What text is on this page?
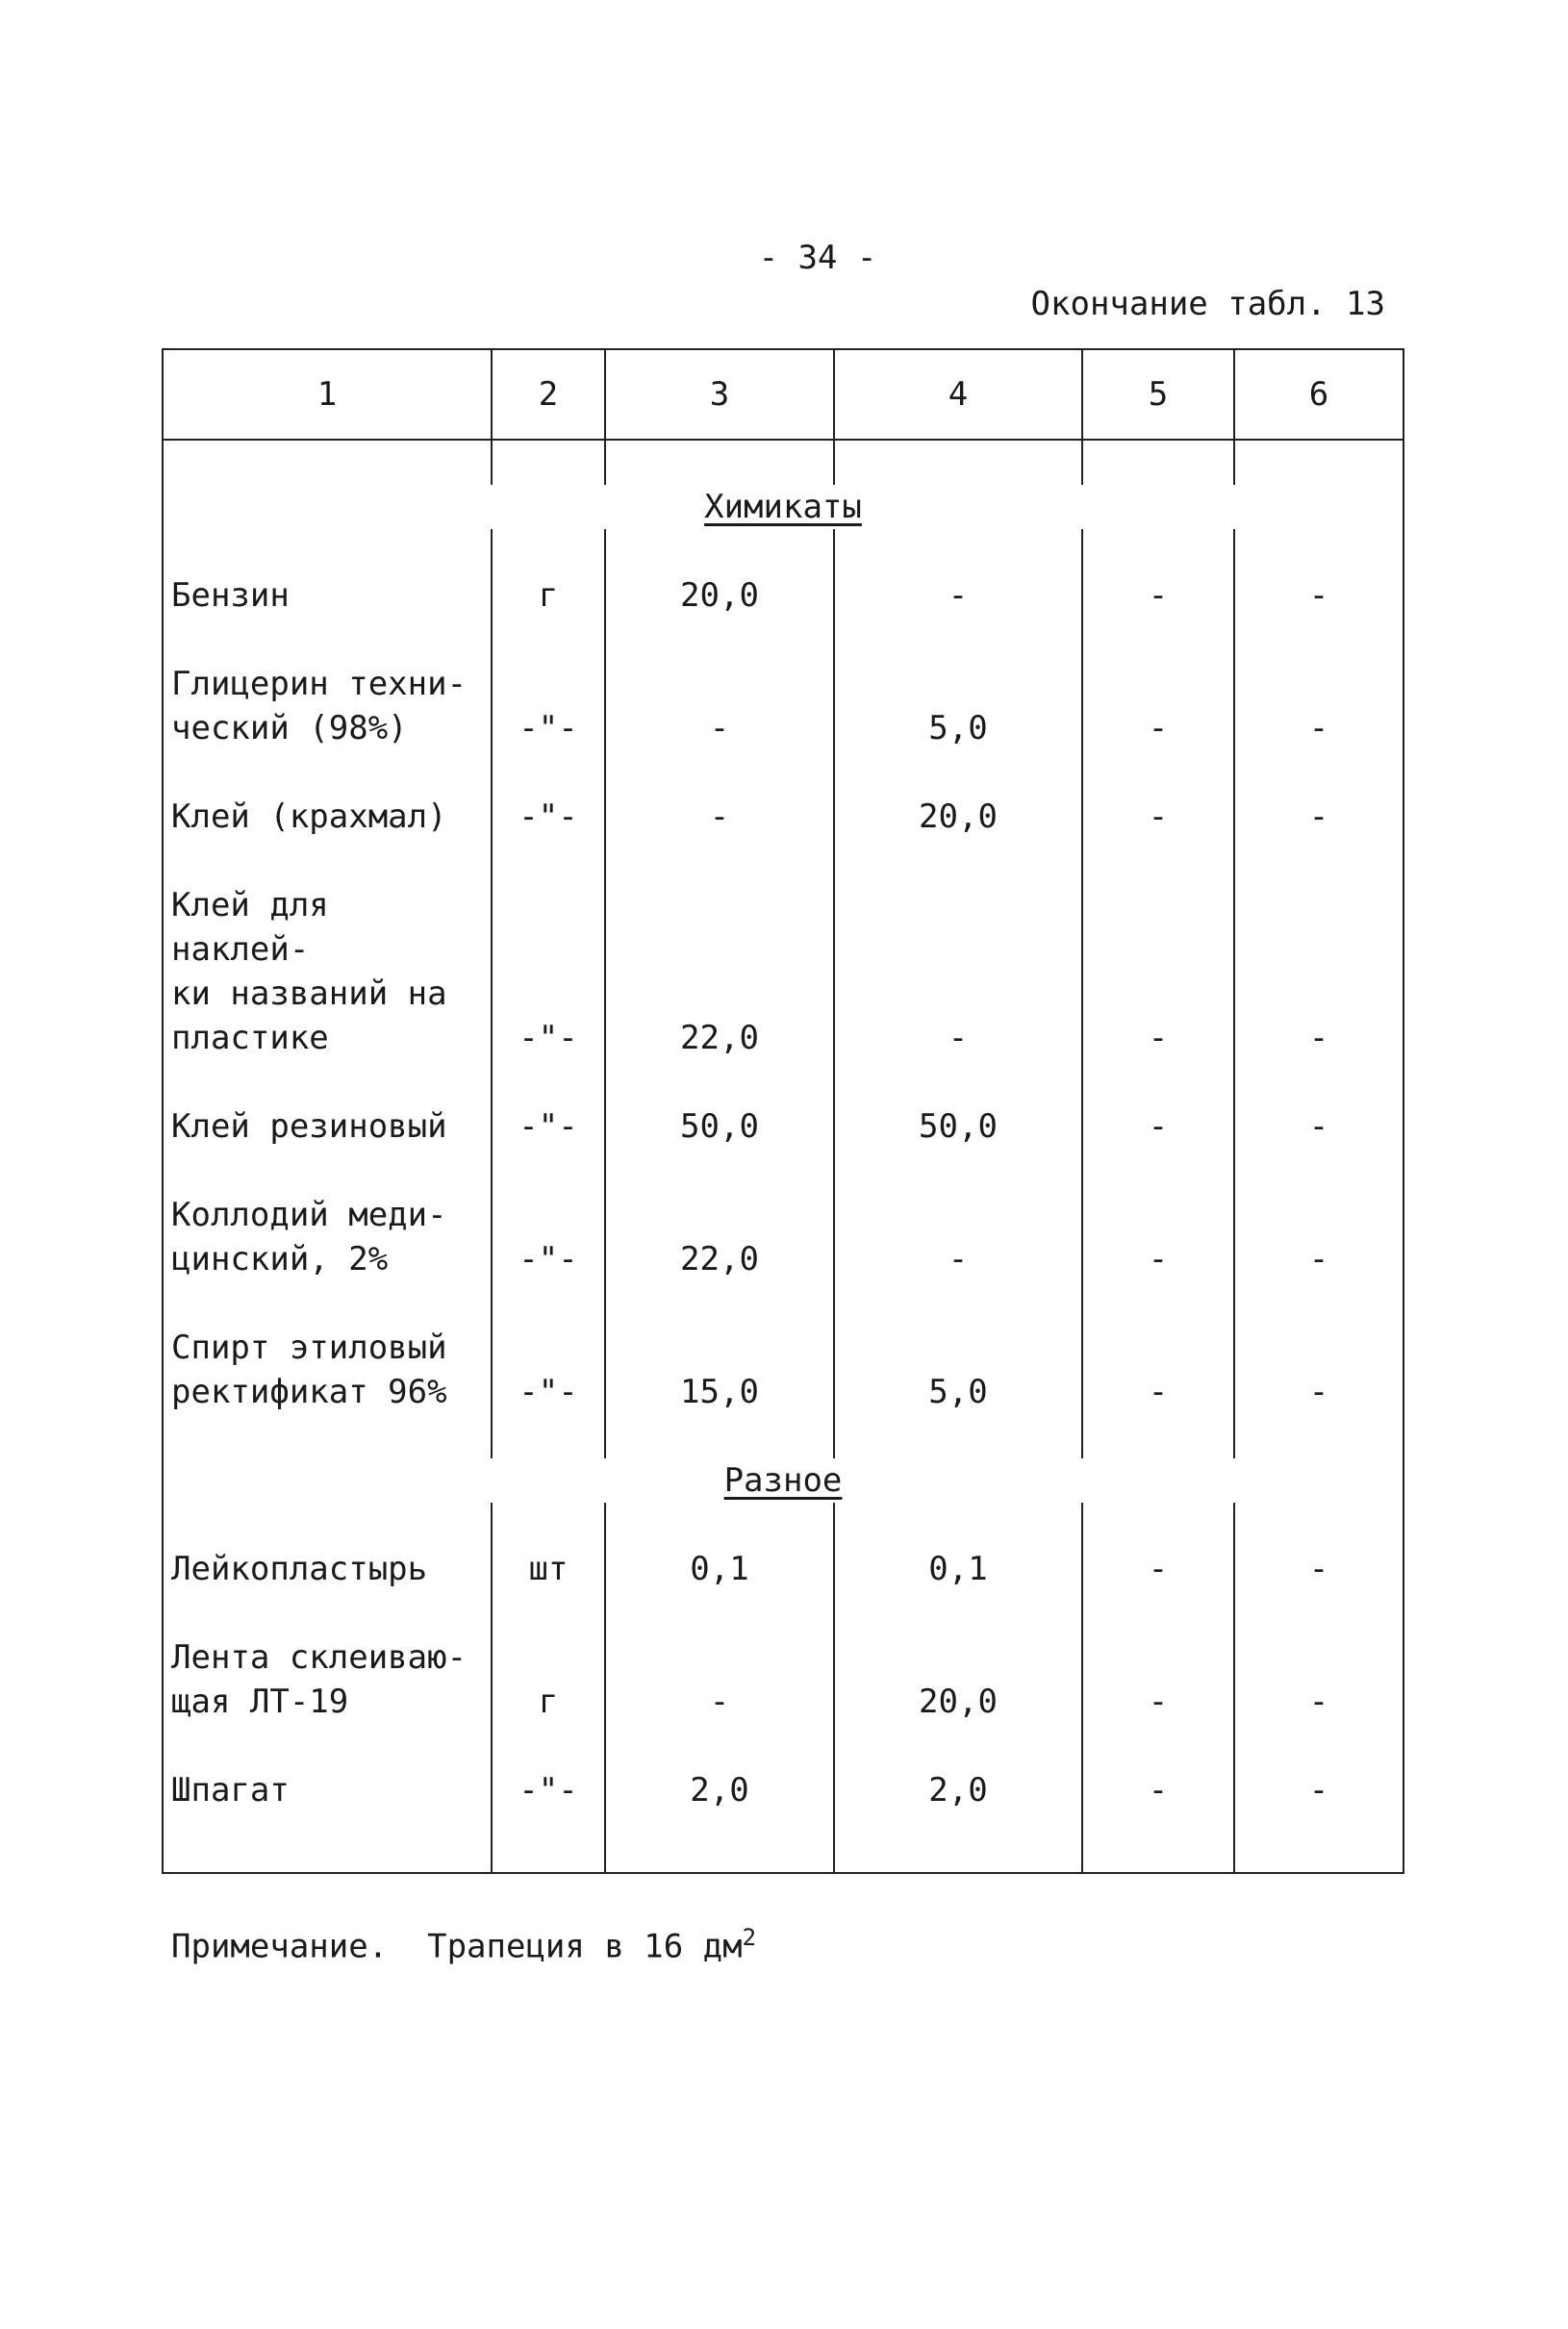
- 34 -
Окончание табл. 13
1	2	3	4	5	6

Химикаты					

Бензин	г	20,0	-	-	-

Глицерин техни-
ческий (98%)	-"-	-	5,0	-	-

Клей (крахмал)	-"-	-	20,0	-	-

Клей для наклей-
ки названий на
пластике	-"-	22,0	-	-	-

Клей резиновый	-"-	50,0	50,0	-	-

Коллодий меди-
цинский, 2%	-"-	22,0	-	-	-

Спирт этиловый
ректификат 96%	-"-	15,0	5,0	-	-

Разное					

Лейкопластырь	шт	0,1	0,1	-	-

Лента склеиваю-
щая ЛТ-19	г	-	20,0	-	-

Шпагат	-"-	2,0	2,0	-	-
Примечание.  Трапеция в 16 $дм^2$
